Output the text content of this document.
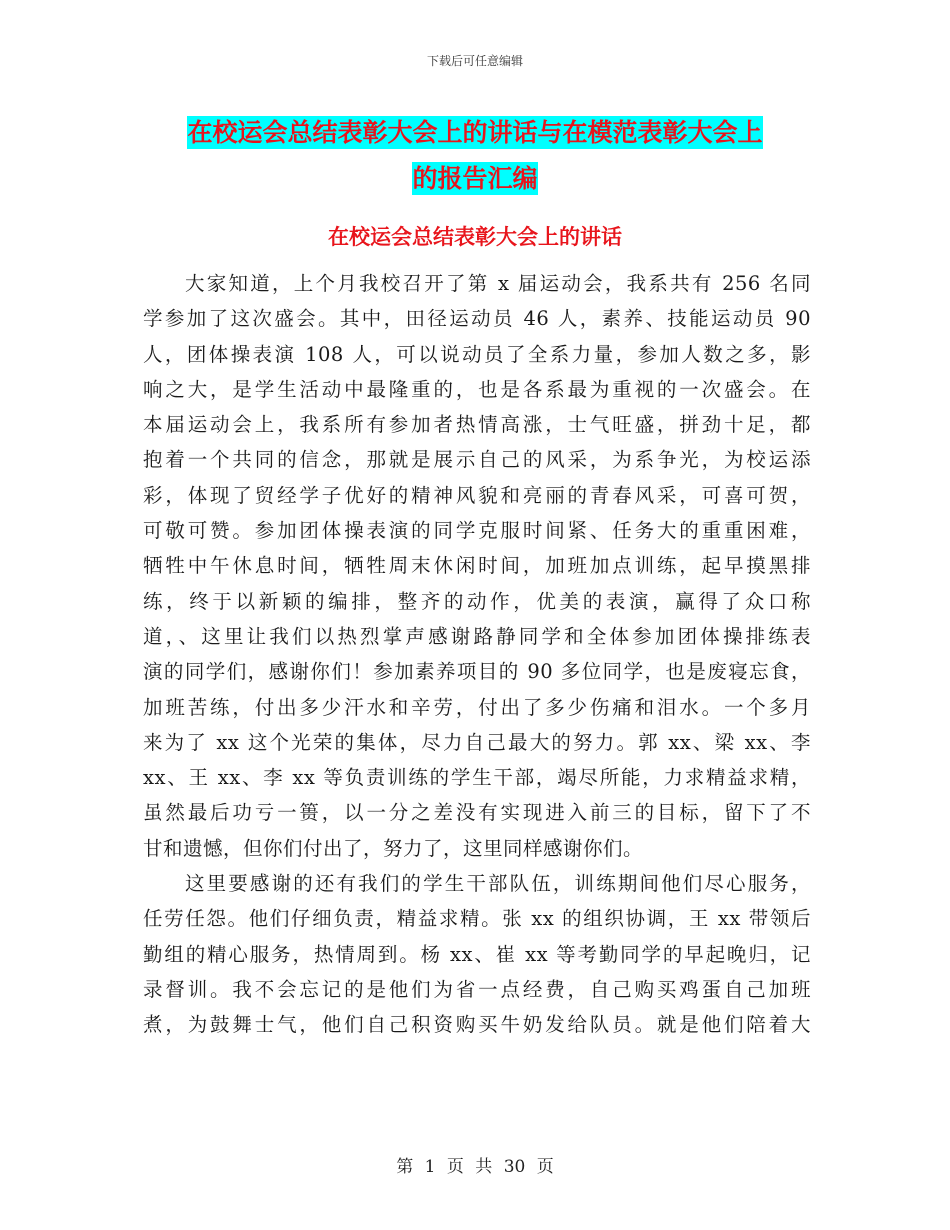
下载后可任意编辑
在校运会总结表彰大会上的讲话与在模范表彰大会上
的报告汇编
在校运会总结表彰大会上的讲话
大家知道，上个月我校召开了第 x 届运动会，我系共有 256 名同
学参加了这次盛会。其中，田径运动员 46 人，素养、技能运动员 90
人，团体操表演 108 人，可以说动员了全系力量，参加人数之多，影
响之大，是学生活动中最隆重的，也是各系最为重视的一次盛会。在
本届运动会上，我系所有参加者热情高涨，士气旺盛，拼劲十足，都
抱着一个共同的信念，那就是展示自己的风采，为系争光，为校运添
彩，体现了贸经学子优好的精神风貌和亮丽的青春风采，可喜可贺，
可敬可赞。参加团体操表演的同学克服时间紧、任务大的重重困难，
牺牲中午休息时间，牺牲周末休闲时间，加班加点训练，起早摸黑排
练，终于以新颖的编排，整齐的动作，优美的表演，赢得了众口称
道，、这里让我们以热烈掌声感谢路静同学和全体参加团体操排练表
演的同学们，感谢你们！参加素养项目的 90 多位同学，也是废寝忘食，
加班苦练，付出多少汗水和辛劳，付出了多少伤痛和泪水。一个多月
来为了 xx 这个光荣的集体，尽力自己最大的努力。郭 xx、梁 xx、李
xx、王 xx、李 xx 等负责训练的学生干部，竭尽所能，力求精益求精，
虽然最后功亏一篑，以一分之差没有实现进入前三的目标，留下了不
甘和遗憾，但你们付出了，努力了，这里同样感谢你们。
这里要感谢的还有我们的学生干部队伍，训练期间他们尽心服务，
任劳任怨。他们仔细负责，精益求精。张 xx 的组织协调，王 xx 带领后
勤组的精心服务，热情周到。杨 xx、崔 xx 等考勤同学的早起晚归，记
录督训。我不会忘记的是他们为省一点经费，自己购买鸡蛋自己加班
煮，为鼓舞士气，他们自己积资购买牛奶发给队员。就是他们陪着大
第 1 页 共 30 页
